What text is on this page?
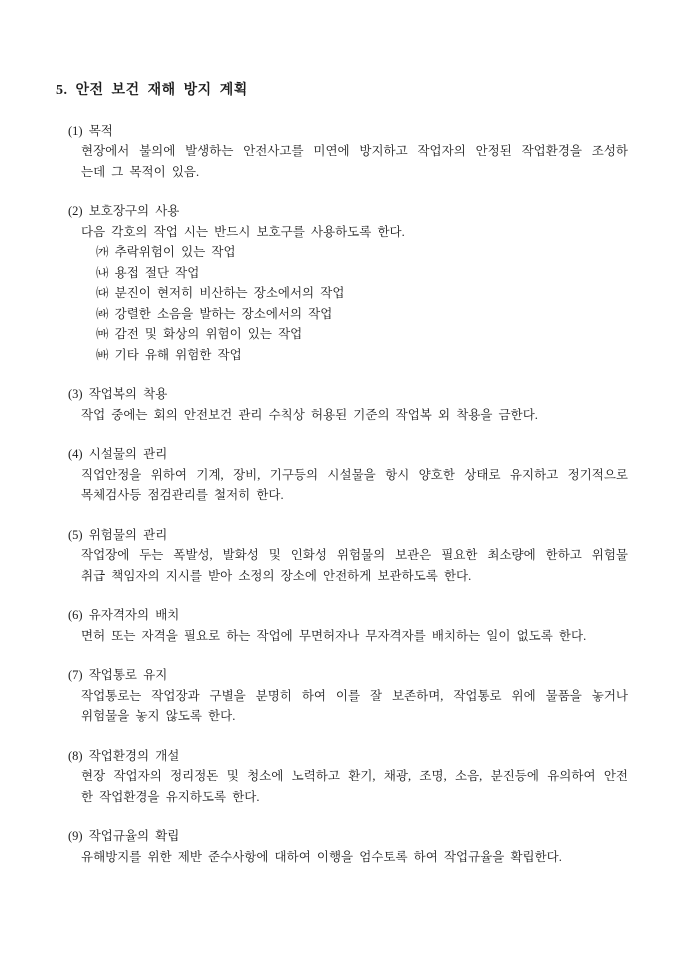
5. 안전 보건 재해 방지 계획
(1) 목적
현장에서 불의에 발생하는 안전사고를 미연에 방지하고 작업자의 안정된 작업환경을 조성하
는데 그 목적이 있음.
(2) 보호장구의 사용
다음 각호의 작업 시는 반드시 보호구를 사용하도록 한다.
㈎ 추락위험이 있는 작업
㈏ 용접 절단 작업
㈐ 분진이 현저히 비산하는 장소에서의 작업
㈑ 강렬한 소음을 발하는 장소에서의 작업
㈒ 감전 및 화상의 위험이 있는 작업
㈓ 기타 유해 위험한 작업
(3) 작업복의 착용
작업 중에는 회의 안전보건 관리 수칙상 허용된 기준의 작업복 외 착용을 금한다.
(4) 시설물의 관리
직업안정을 위하여 기계, 장비, 기구등의 시설물을 항시 양호한 상태로 유지하고 정기적으로
목체검사등 점검관리를 철저히 한다.
(5) 위험물의 관리
작업장에 두는 폭발성, 발화성 및 인화성 위험물의 보관은 필요한 최소량에 한하고 위험물
취급 책임자의 지시를 받아 소정의 장소에 안전하게 보관하도록 한다.
(6) 유자격자의 배치
면허 또는 자격을 필요로 하는 작업에 무면허자나 무자격자를 배치하는 일이 없도록 한다.
(7) 작업통로 유지
작업통로는 작업장과 구별을 분명히 하여 이를 잘 보존하며, 작업통로 위에 물품을 놓거나
위험물을 놓지 않도록 한다.
(8) 작업환경의 개설
현장 작업자의 정리정돈 및 청소에 노력하고 환기, 채광, 조명, 소음, 분진등에 유의하여 안전
한 작업환경을 유지하도록 한다.
(9) 작업규율의 확립
유해방지를 위한 제반 준수사항에 대하여 이행을 엄수토록 하여 작업규율을 확립한다.
